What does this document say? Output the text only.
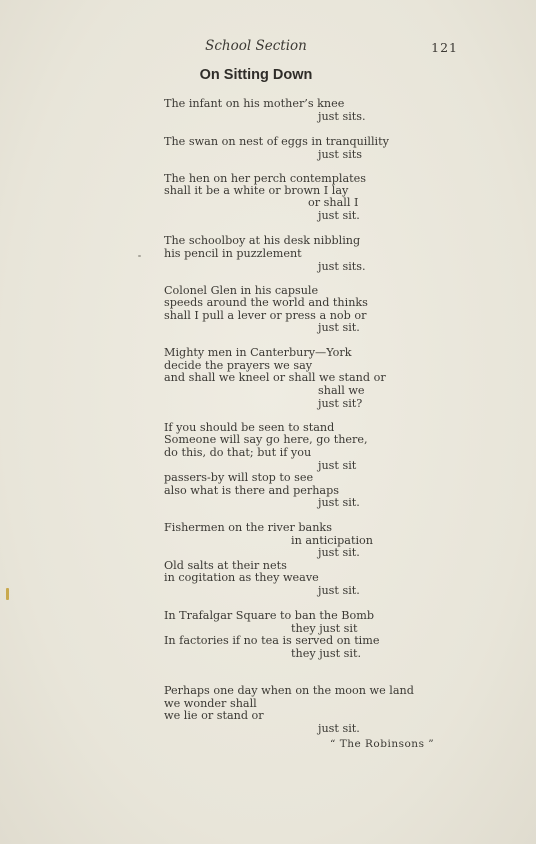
School Section	121
On Sitting Down
The infant on his mother’s knee
just sits.
The swan on nest of eggs in tranquillity
just sits
The hen on her perch contemplates
shall it be a white or brown I lay
or shall I
just sit.
The schoolboy at his desk nibbling
his pencil in puzzlement
just sits.
Colonel Glen in his capsule
speeds around the world and thinks
shall I pull a lever or press a nob or
just sit.
Mighty men in Canterbury—York
decide the prayers we say
and shall we kneel or shall we stand or
shall we
just sit?
If you should be seen to stand
Someone will say go here, go there,
do this, do that; but if you
just sit
passers-by will stop to see
also what is there and perhaps
just sit.
Fishermen on the river banks
in anticipation
just sit.
Old salts at their nets
in cogitation as they weave
just sit.
In Trafalgar Square to ban the Bomb
they just sit
In factories if no tea is served on time
they just sit.
Perhaps one day when on the moon we land
we wonder shall
we lie or stand or
just sit.
“ The Robinsons ”
